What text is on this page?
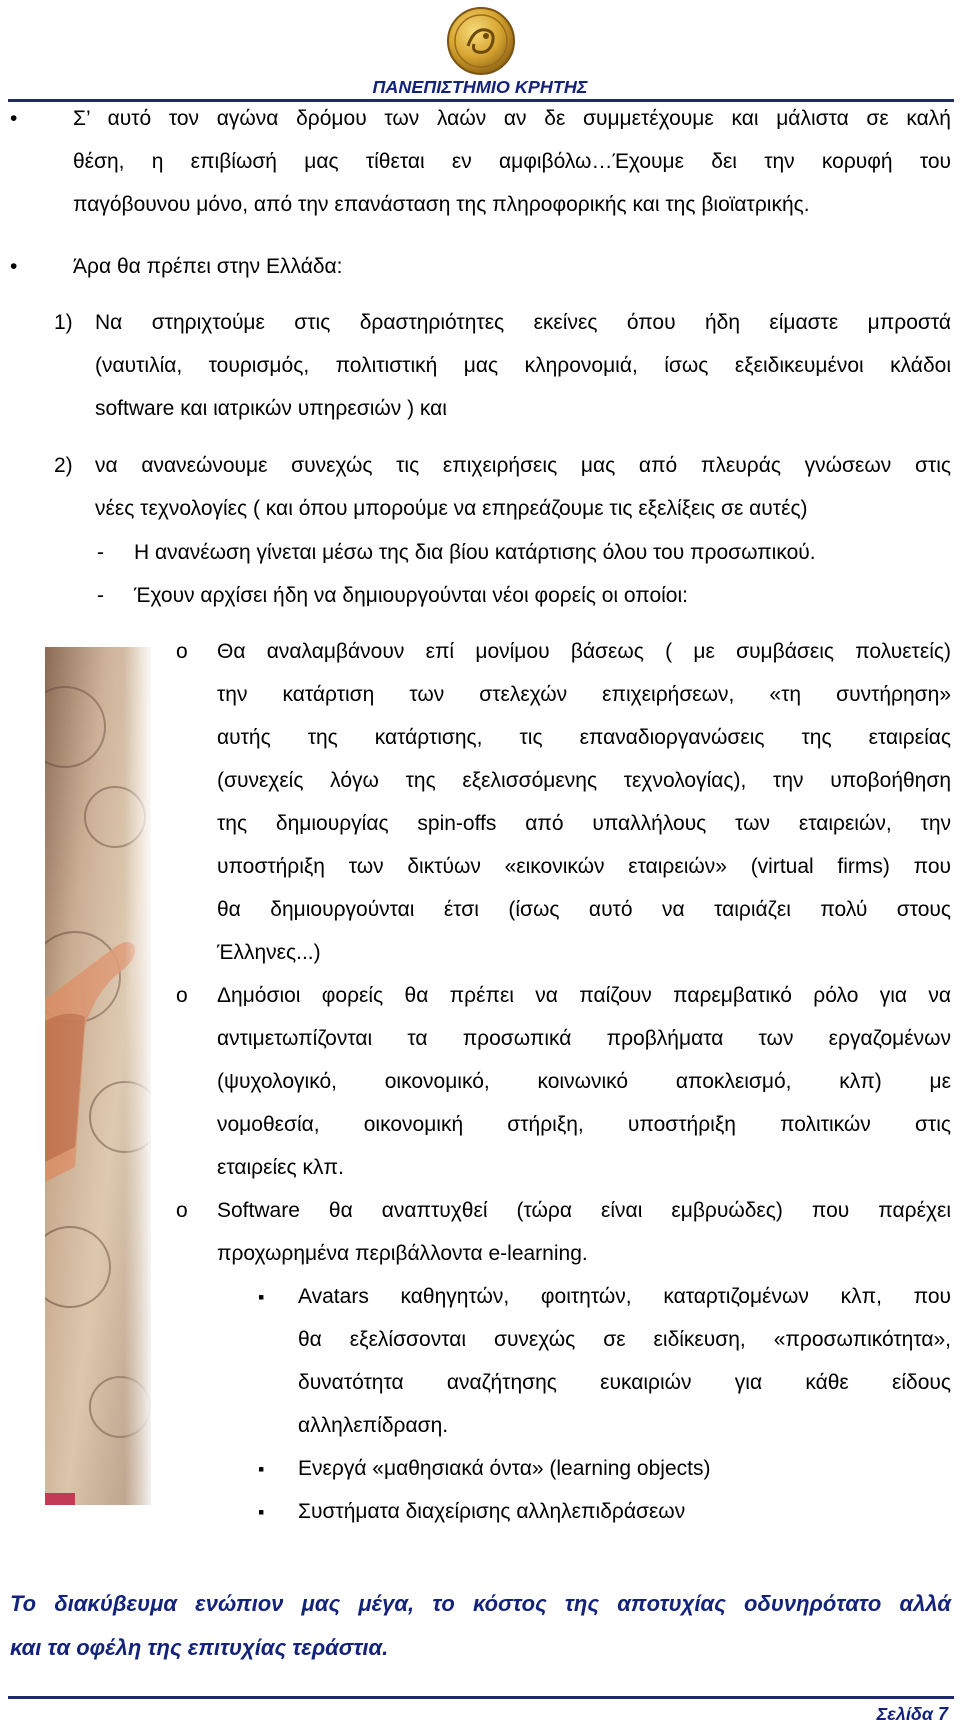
ΠΑΝΕΠΙΣΤΗΜΙΟ ΚΡΗΤΗΣ
•	Σ’ αυτό τον αγώνα δρόμου των λαών αν δε συμμετέχουμε και μάλιστα σε καλή
θέση, η επιβίωσή μας τίθεται εν αμφιβόλω…Έχουμε δει την κορυφή του
παγόβουνου μόνο, από την επανάσταση της πληροφορικής και της βιοϊατρικής.
•	Άρα θα πρέπει στην Ελλάδα:
1) Να στηριχτούμε στις δραστηριότητες εκείνες όπου ήδη είμαστε μπροστά
(ναυτιλία, τουρισμός, πολιτιστική μας κληρονομιά, ίσως εξειδικευμένοι κλάδοι
software και ιατρικών υπηρεσιών ) και
2) να ανανεώνουμε συνεχώς τις επιχειρήσεις μας από πλευράς γνώσεων στις
νέες τεχνολογίες ( και όπου μπορούμε να επηρεάζουμε τις εξελίξεις σε αυτές)
- Η ανανέωση γίνεται μέσω της δια βίου κατάρτισης όλου του προσωπικού.
- Έχουν αρχίσει ήδη να δημιουργούνται νέοι φορείς οι οποίοι:
o Θα αναλαμβάνουν επί μονίμου βάσεως ( με συμβάσεις πολυετείς)
την κατάρτιση των στελεχών επιχειρήσεων, «τη συντήρηση»
αυτής της κατάρτισης, τις επαναδιοργανώσεις της εταιρείας
(συνεχείς λόγω της εξελισσόμενης τεχνολογίας), την υποβοήθηση
της δημιουργίας spin-offs από υπαλλήλους των εταιρειών, την
υποστήριξη των δικτύων «εικονικών εταιρειών» (virtual firms) που
θα δημιουργούνται έτσι (ίσως αυτό να ταιριάζει πολύ στους
Έλληνες...)
o Δημόσιοι φορείς θα πρέπει να παίζουν παρεμβατικό ρόλο για να
αντιμετωπίζονται τα προσωπικά προβλήματα των εργαζομένων
(ψυχολογικό, οικονομικό, κοινωνικό αποκλεισμό, κλπ) με
νομοθεσία, οικονομική στήριξη, υποστήριξη πολιτικών στις
εταιρείες κλπ.
o Software θα αναπτυχθεί (τώρα είναι εμβρυώδες) που παρέχει
προχωρημένα περιβάλλοντα e-learning.
▪ Avatars καθηγητών, φοιτητών, καταρτιζομένων κλπ, που
θα εξελίσσονται συνεχώς σε ειδίκευση, «προσωπικότητα»,
δυνατότητα αναζήτησης ευκαιριών για κάθε είδους
αλληλεπίδραση.
▪ Ενεργά «μαθησιακά όντα» (learning objects)
▪ Συστήματα διαχείρισης αλληλεπιδράσεων
Το διακύβευμα ενώπιον μας μέγα, το κόστος της αποτυχίας οδυνηρότατο αλλά
και τα οφέλη της επιτυχίας τεράστια.
Σελίδα 7
